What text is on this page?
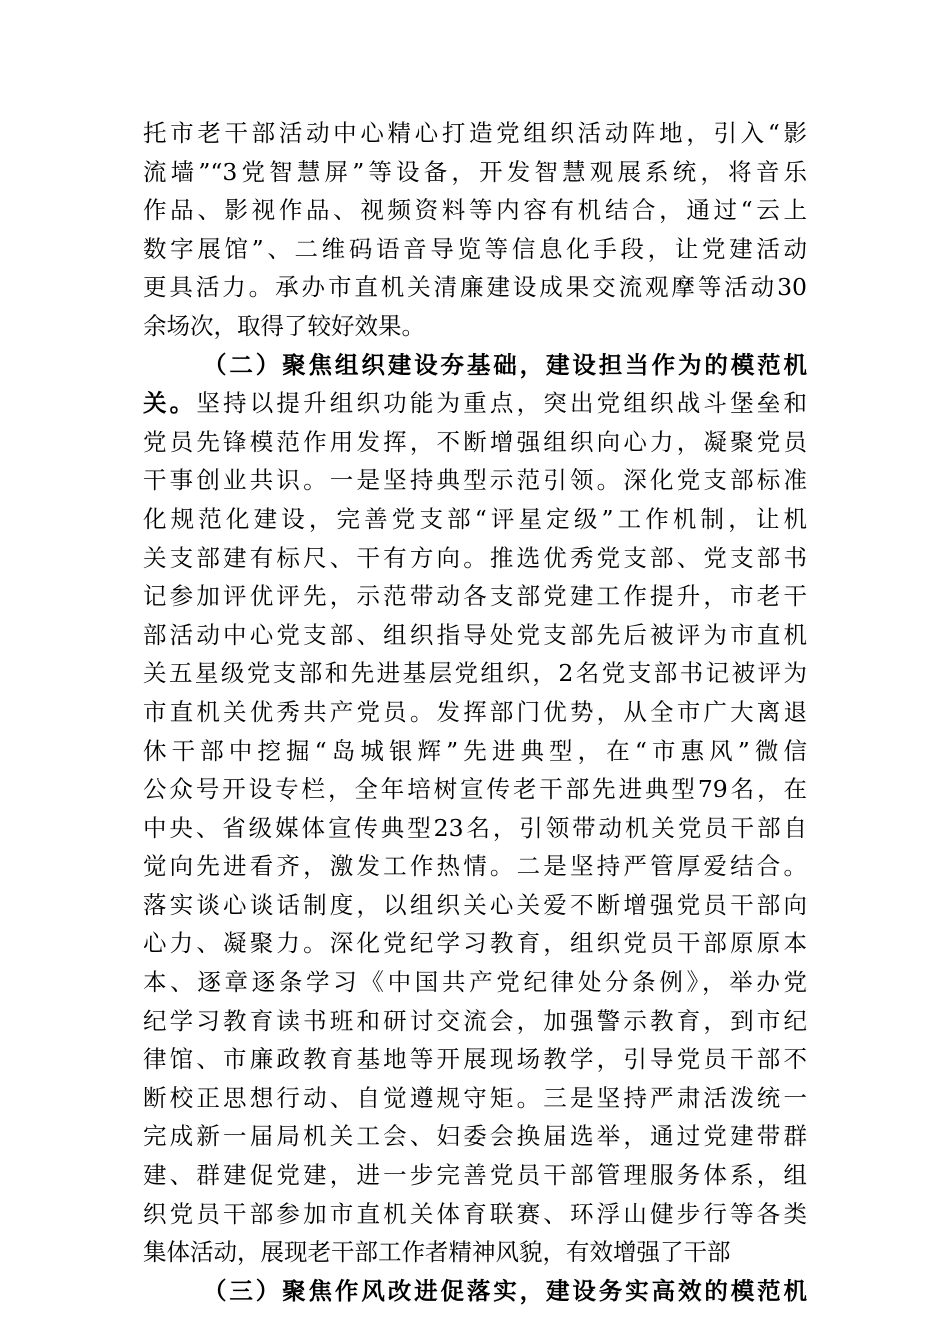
托市老干部活动中心精心打造党组织活动阵地，引入“影
流墙”“3党智慧屏”等设备，开发智慧观展系统，将音乐
作品、影视作品、视频资料等内容有机结合，通过“云上
数字展馆”、二维码语音导览等信息化手段，让党建活动
更具活力。承办市直机关清廉建设成果交流观摩等活动30
余场次，取得了较好效果。
（二）聚焦组织建设夯基础，建设担当作为的模范机
关。坚持以提升组织功能为重点，突出党组织战斗堡垒和
党员先锋模范作用发挥，不断增强组织向心力，凝聚党员
干事创业共识。一是坚持典型示范引领。深化党支部标准
化规范化建设，完善党支部“评星定级”工作机制，让机
关支部建有标尺、干有方向。推选优秀党支部、党支部书
记参加评优评先，示范带动各支部党建工作提升，市老干
部活动中心党支部、组织指导处党支部先后被评为市直机
关五星级党支部和先进基层党组织，2名党支部书记被评为
市直机关优秀共产党员。发挥部门优势，从全市广大离退
休干部中挖掘“岛城银辉”先进典型，在“市惠风”微信
公众号开设专栏，全年培树宣传老干部先进典型79名，在
中央、省级媒体宣传典型23名，引领带动机关党员干部自
觉向先进看齐，激发工作热情。二是坚持严管厚爱结合。
落实谈心谈话制度，以组织关心关爱不断增强党员干部向
心力、凝聚力。深化党纪学习教育，组织党员干部原原本
本、逐章逐条学习《中国共产党纪律处分条例》，举办党
纪学习教育读书班和研讨交流会，加强警示教育，到市纪
律馆、市廉政教育基地等开展现场教学，引导党员干部不
断校正思想行动、自觉遵规守矩。三是坚持严肃活泼统一
完成新一届局机关工会、妇委会换届选举，通过党建带群
建、群建促党建，进一步完善党员干部管理服务体系，组
织党员干部参加市直机关体育联赛、环浮山健步行等各类
集体活动，展现老干部工作者精神风貌，有效增强了干部
（三）聚焦作风改进促落实，建设务实高效的模范机
